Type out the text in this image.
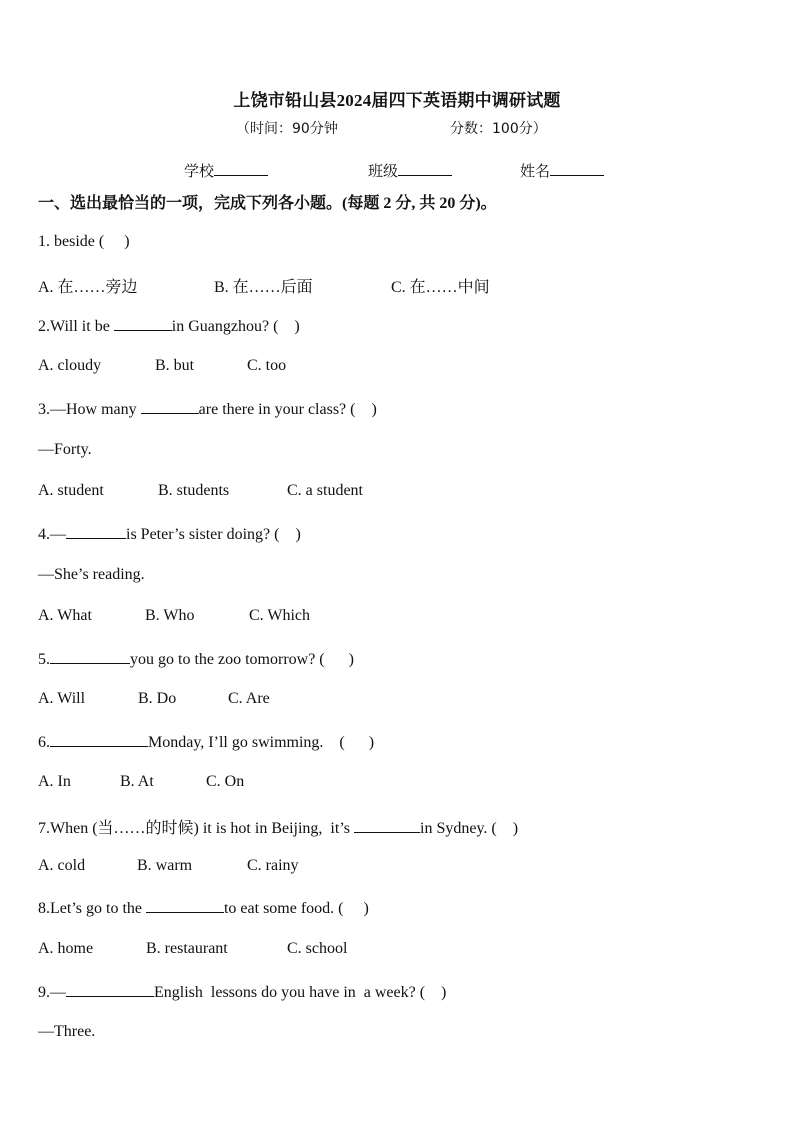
上饶市铅山县2024届四下英语期中调研试题
（时间：90分钟	分数：100分）
学校	班级	姓名
一、选出最恰当的一项，完成下列各小题。(每题 2 分, 共 20 分)。
1. beside ( )
A. 在……旁边	B. 在……后面	C. 在……中间
2.Will it be	in Guangzhou? (    )
A. cloudy	B. but	C. too
3.—How many	are there in your class? (    )
—Forty.
A. student	B. students	C. a student
4.—	is Peter’s sister doing? (    )
—She’s reading.
A. What	B. Who	C. Which
5.	you go to the zoo tomorrow? (      )
A. Will	B. Do	C. Are
6.	Monday, I’ll go swimming.    (      )
A. In	B. At	C. On
7.When (当……的时候) it is hot in Beijing,  it’s	in Sydney. (    )
A. cold	B. warm	C. rainy
8.Let’s go to the	to eat some food. (     )
A. home	B. restaurant	C. school
9.—	English  lessons do you have in  a week? (    )
—Three.
